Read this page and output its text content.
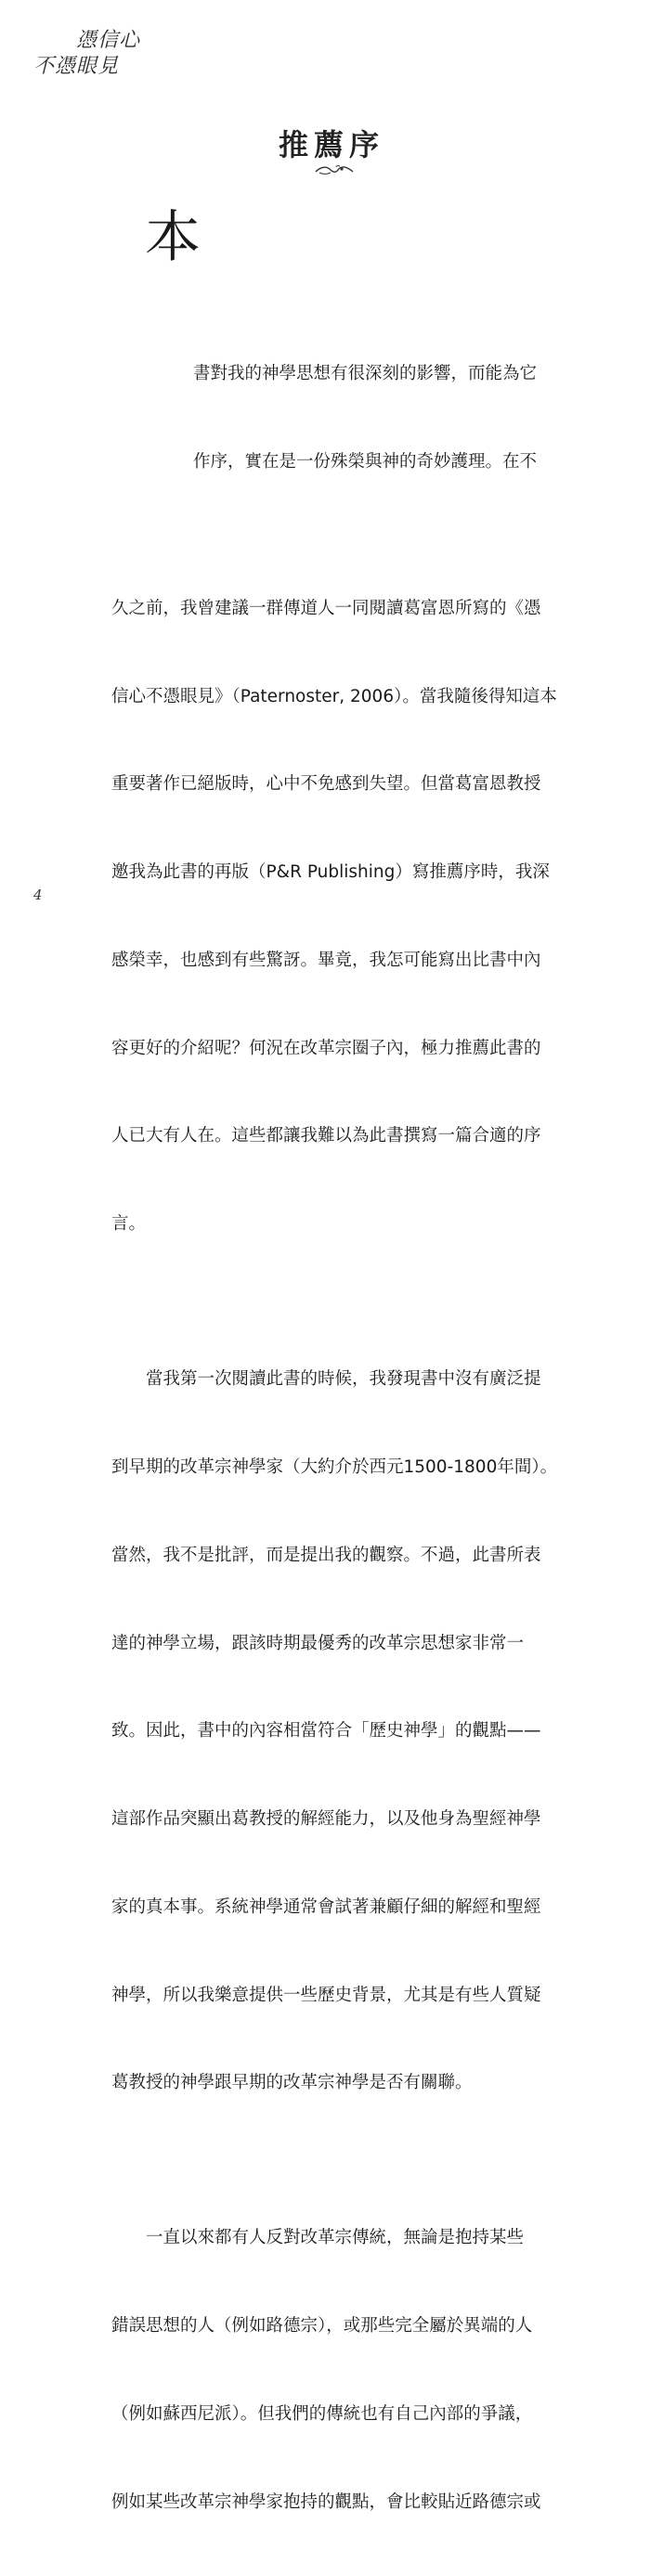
憑信心
不憑眼見
推薦序

本

書對我的神學思想有很深刻的影響，而能為它

作序，實在是一份殊榮與神的奇妙護理。在不

久之前，我曾建議一群傳道人一同閱讀葛富恩所寫的《憑

信心不憑眼見》（Paternoster, 2006）。當我隨後得知這本

重要著作已絕版時，心中不免感到失望。但當葛富恩教授

邀我為此書的再版（P&R Publishing）寫推薦序時，我深

感榮幸，也感到有些驚訝。畢竟，我怎可能寫出比書中內

容更好的介紹呢？何況在改革宗圈子內，極力推薦此書的

人已大有人在。這些都讓我難以為此書撰寫一篇合適的序

言。

　　當我第一次閱讀此書的時候，我發現書中沒有廣泛提

到早期的改革宗神學家（大約介於西元1500-1800年間）。

當然，我不是批評，而是提出我的觀察。不過，此書所表

達的神學立場，跟該時期最優秀的改革宗思想家非常一

致。因此，書中的內容相當符合「歷史神學」的觀點——

這部作品突顯出葛教授的解經能力，以及他身為聖經神學

家的真本事。系統神學通常會試著兼顧仔細的解經和聖經

神學，所以我樂意提供一些歷史背景，尤其是有些人質疑

葛教授的神學跟早期的改革宗神學是否有關聯。

　　一直以來都有人反對改革宗傳統，無論是抱持某些

錯誤思想的人（例如路德宗），或那些完全屬於異端的人

（例如蘇西尼派）。但我們的傳統也有自己內部的爭議，

例如某些改革宗神學家抱持的觀點，會比較貼近路德宗或

4
